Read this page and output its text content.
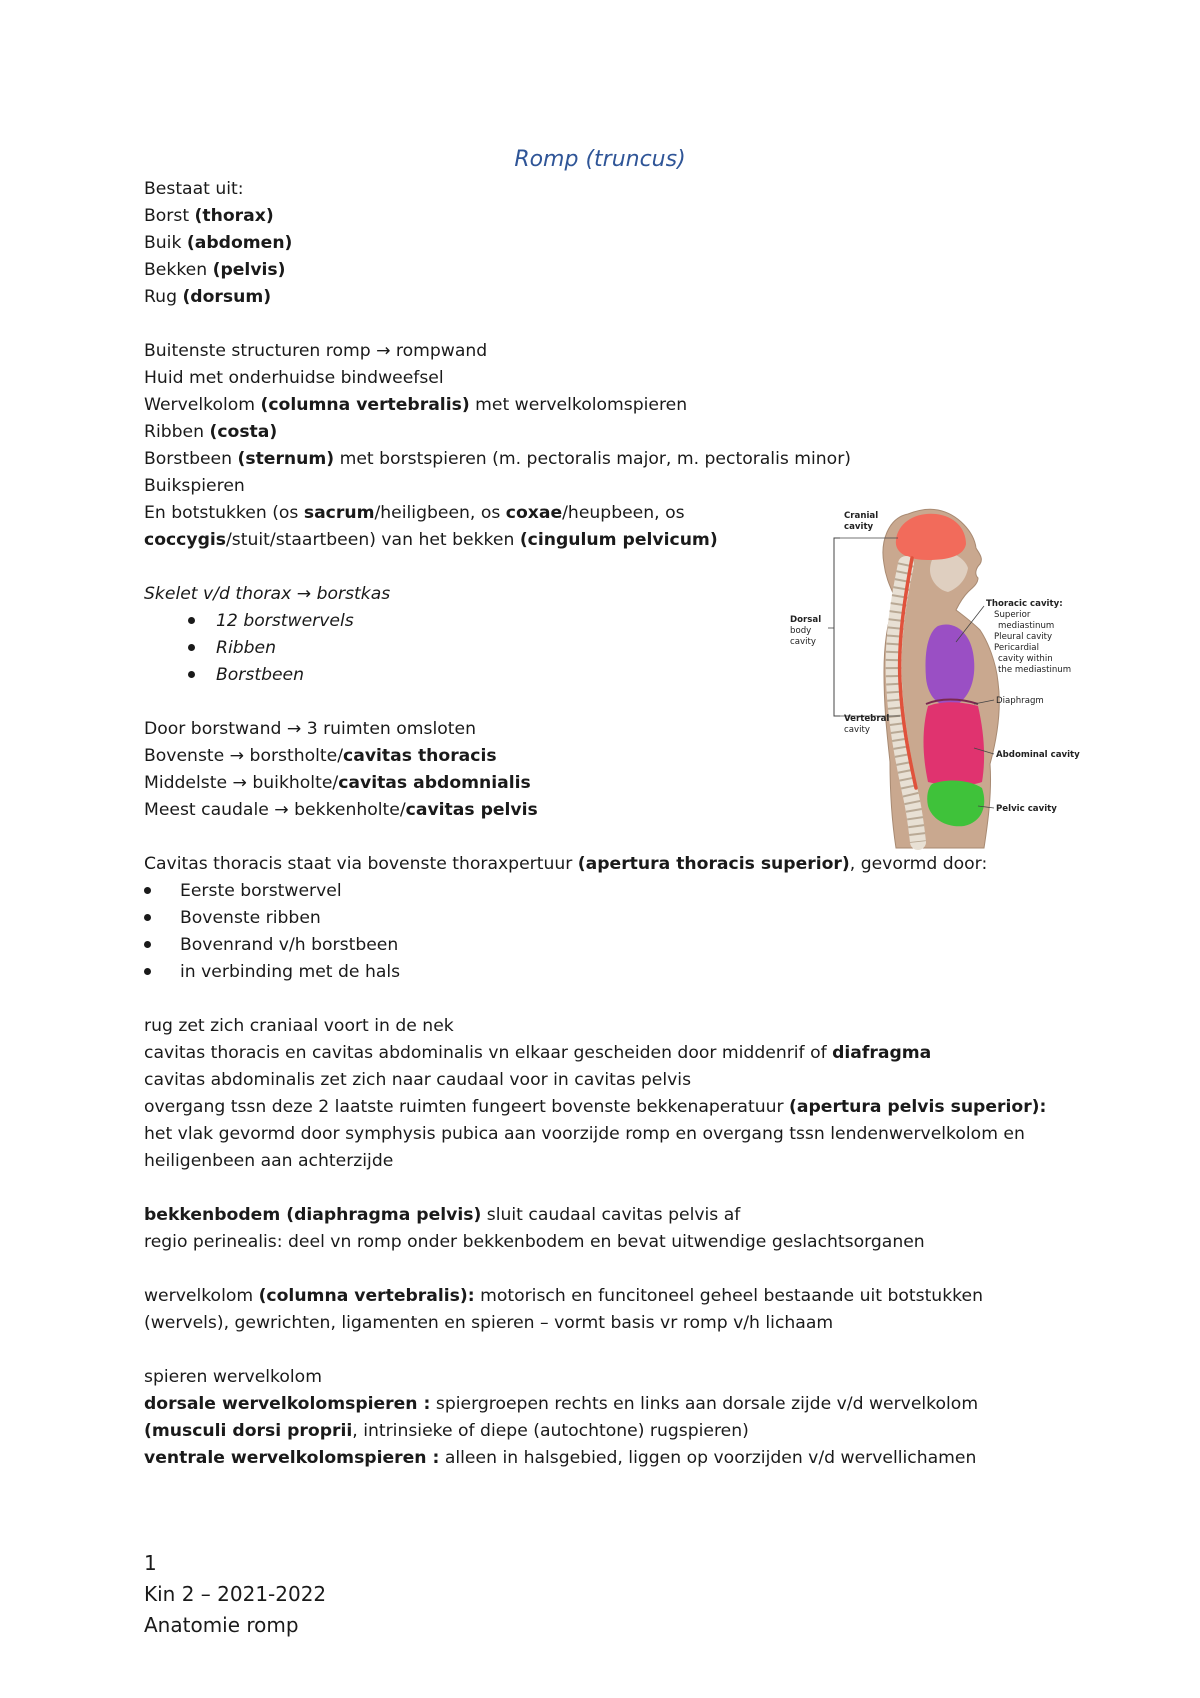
Romp (truncus)
Bestaat uit:
Borst (thorax)
Buik (abdomen)
Bekken (pelvis)
Rug (dorsum)
Buitenste structuren romp → rompwand
Huid met onderhuidse bindweefsel
Wervelkolom (columna vertebralis) met wervelkolomspieren
Ribben (costa)
Borstbeen (sternum) met borstspieren (m. pectoralis major, m. pectoralis minor)
Buikspieren
En botstukken (os sacrum/heiligbeen, os coxae/heupbeen, os
coccygis/stuit/staartbeen) van het bekken (cingulum pelvicum)
Skelet v/d thorax → borstkas
12 borstwervels
Ribben
Borstbeen
Door borstwand → 3 ruimten omsloten
Bovenste → borstholte/cavitas thoracis
Middelste → buikholte/cavitas abdomnialis
Meest caudale → bekkenholte/cavitas pelvis
Cavitas thoracis staat via bovenste thoraxpertuur (apertura thoracis superior), gevormd door:
Eerste borstwervel
Bovenste ribben
Bovenrand v/h borstbeen
in verbinding met de hals
rug zet zich craniaal voort in de nek
cavitas thoracis en cavitas abdominalis vn elkaar gescheiden door middenrif of diafragma
cavitas abdominalis zet zich naar caudaal voor in cavitas pelvis
overgang tssn deze 2 laatste ruimten fungeert bovenste bekkenaperatuur (apertura pelvis superior):
het vlak gevormd door symphysis pubica aan voorzijde romp en overgang tssn lendenwervelkolom en
heiligenbeen aan achterzijde
bekkenbodem (diaphragma pelvis) sluit caudaal cavitas pelvis af
regio perinealis: deel vn romp onder bekkenbodem en bevat uitwendige geslachtsorganen
wervelkolom (columna vertebralis): motorisch en funcitoneel geheel bestaande uit botstukken
(wervels), gewrichten, ligamenten en spieren – vormt basis vr romp v/h lichaam
spieren wervelkolom
dorsale wervelkolomspieren : spiergroepen rechts en links aan dorsale zijde v/d wervelkolom
(musculi dorsi proprii, intrinsieke of diepe (autochtone) rugspieren)
ventrale wervelkolomspieren : alleen in halsgebied, liggen op voorzijden v/d wervellichamen
1
Kin 2 – 2021-2022
Anatomie romp
Cranial
cavity
Dorsal
body
cavity
Vertebral
cavity
Thoracic cavity:
Superior
mediastinum
Pleural cavity
Pericardial
cavity within
the mediastinum
Diaphragm
Abdominal cavity
Pelvic cavity
